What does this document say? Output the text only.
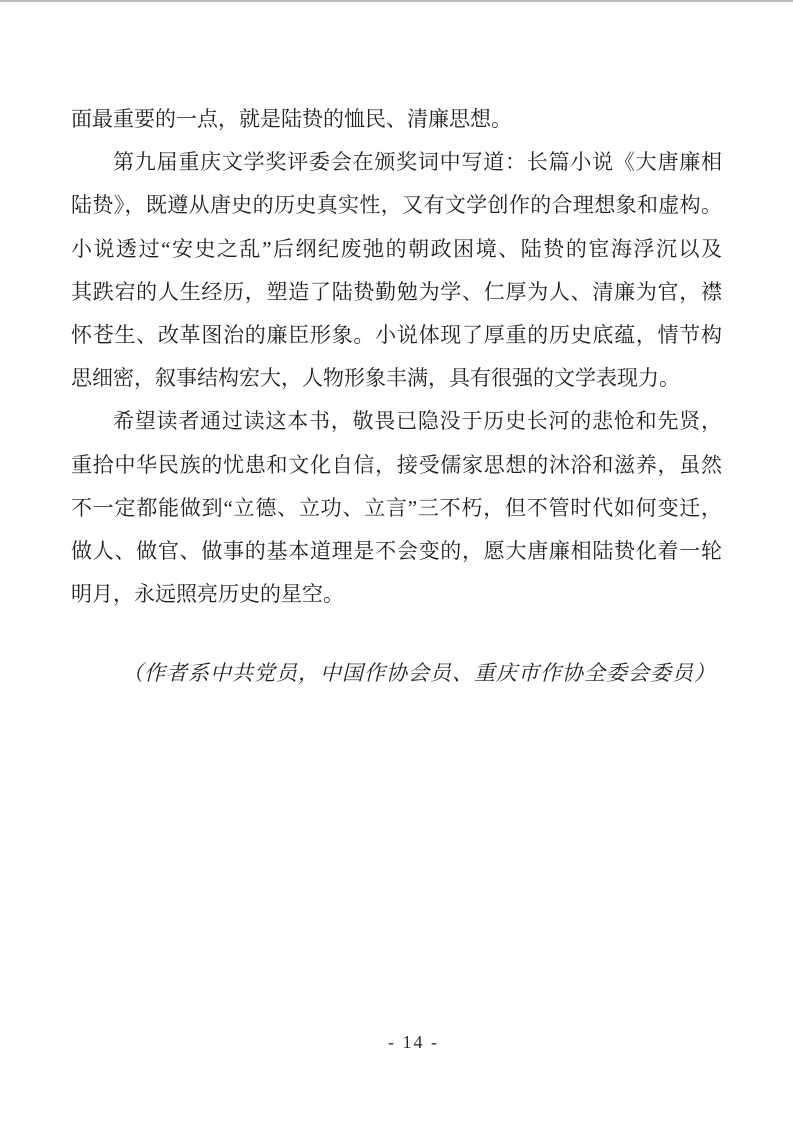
面最重要的一点，就是陆贽的恤民、清廉思想。
第九届重庆文学奖评委会在颁奖词中写道：长篇小说《大唐廉相
陆贽》，既遵从唐史的历史真实性，又有文学创作的合理想象和虚构。
小说透过“安史之乱”后纲纪废弛的朝政困境、陆贽的宦海浮沉以及
其跌宕的人生经历，塑造了陆贽勤勉为学、仁厚为人、清廉为官，襟
怀苍生、改革图治的廉臣形象。小说体现了厚重的历史底蕴，情节构
思细密，叙事结构宏大，人物形象丰满，具有很强的文学表现力。
希望读者通过读这本书，敬畏已隐没于历史长河的悲怆和先贤，
重拾中华民族的忧患和文化自信，接受儒家思想的沐浴和滋养，虽然
不一定都能做到“立德、立功、立言”三不朽，但不管时代如何变迁，
做人、做官、做事的基本道理是不会变的，愿大唐廉相陆贽化着一轮
明月，永远照亮历史的星空。
（作者系中共党员，中国作协会员、重庆市作协全委会委员）
- 14 -
